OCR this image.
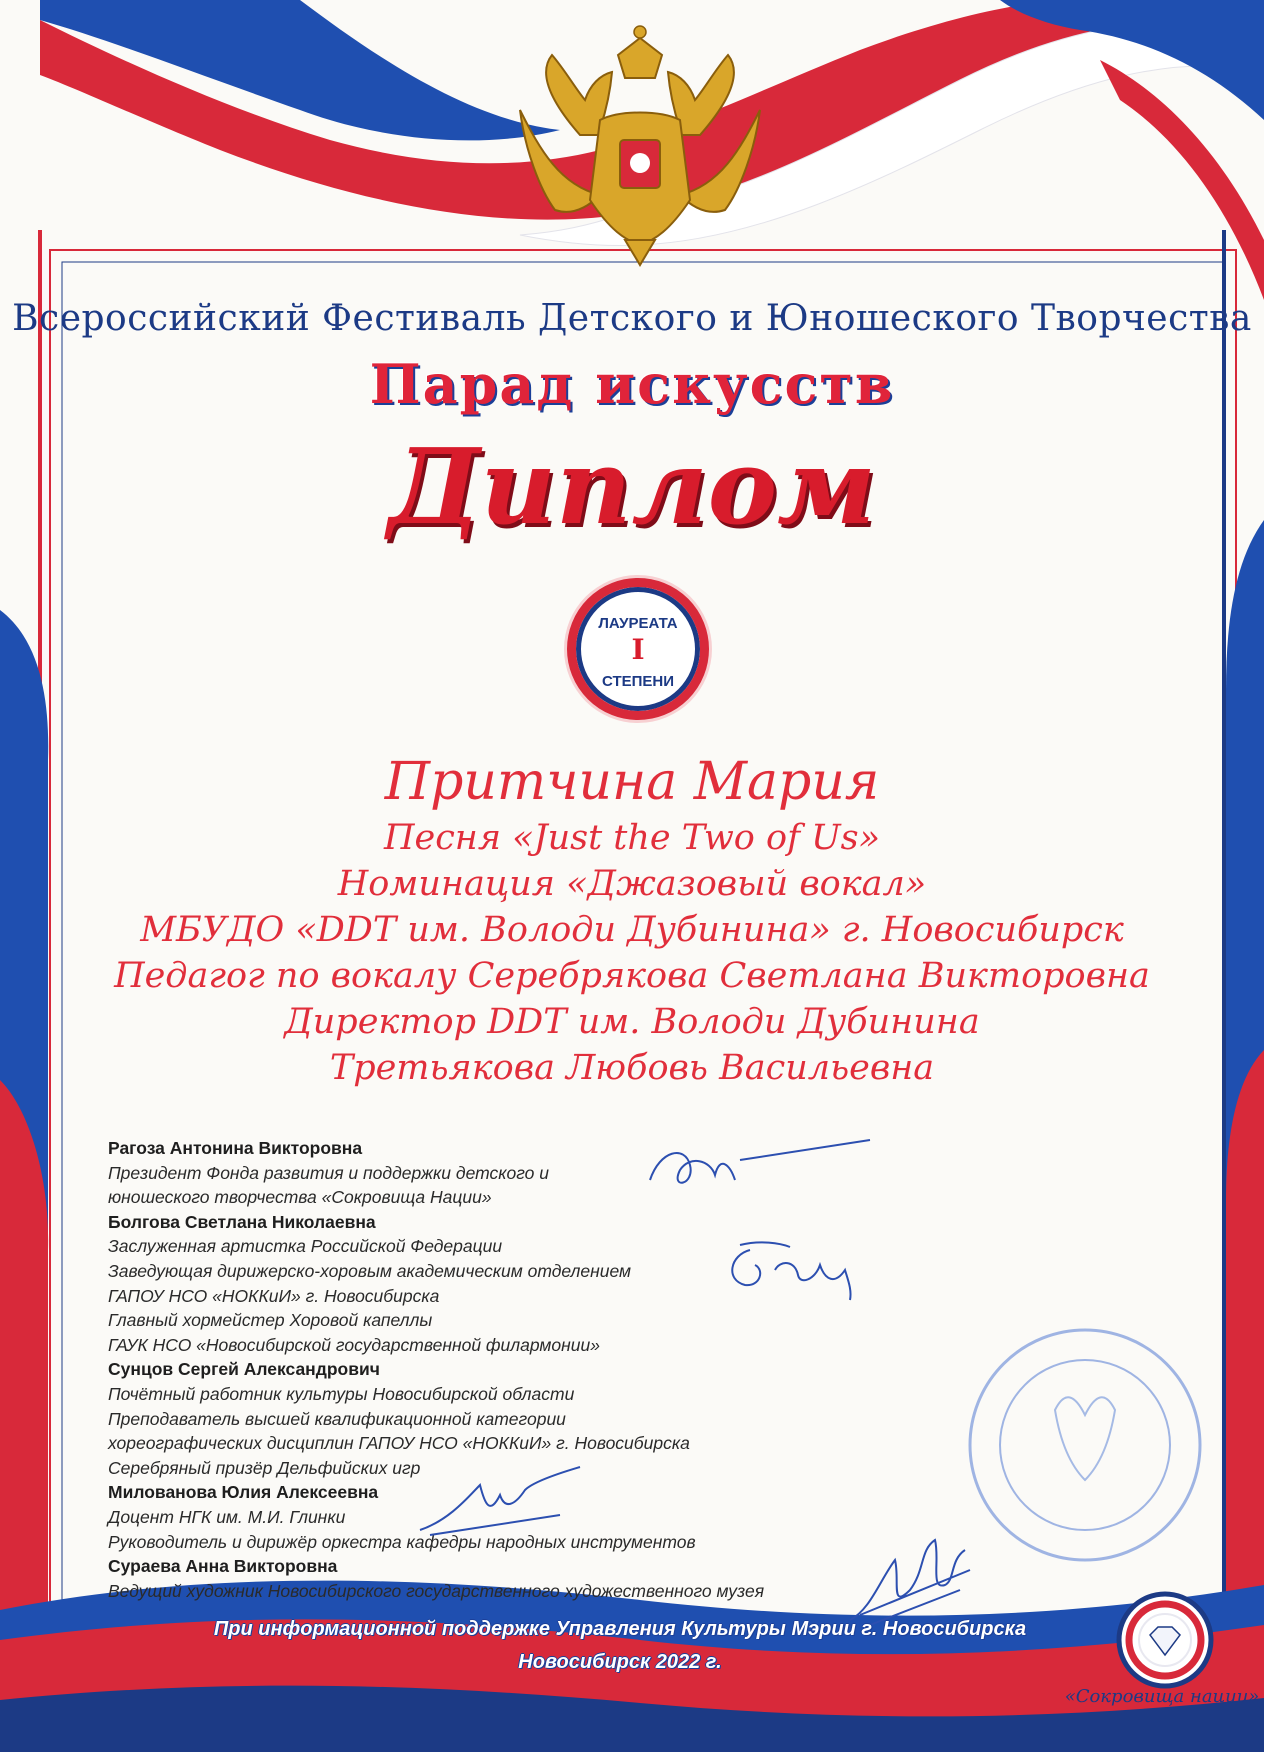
Всероссийский Фестиваль Детского и Юношеского Творчества
Парад искусств
Диплом
ЛАУРЕАТА
I
СТЕПЕНИ
Притчина Мария
Песня «Just the Two of Us»
Номинация «Джазовый вокал»
МБУДО «DDT им. Володи Дубинина» г. Новосибирск
Педагог по вокалу Серебрякова Светлана Викторовна
Директор DDT им. Володи Дубинина
Третьякова Любовь Васильевна
Рагоза Антонина Викторовна
Президент Фонда развития и поддержки детского и
юношеского творчества «Сокровища Нации»
Болгова Светлана Николаевна
Заслуженная артистка Российской Федерации
Заведующая дирижерско-хоровым академическим отделением
ГАПОУ НСО «НОККиИ» г. Новосибирска
Главный хормейстер Хоровой капеллы
ГАУК НСО «Новосибирской государственной филармонии»
Сунцов Сергей Александрович
Почётный работник культуры Новосибирской области
Преподаватель высшей квалификационной категории
хореографических дисциплин ГАПОУ НСО «НОККиИ» г. Новосибирска
Серебряный призёр Дельфийских игр
Милованова Юлия Алексеевна
Доцент НГК им. М.И. Глинки
Руководитель и дирижёр оркестра кафедры народных инструментов
Сураева Анна Викторовна
Ведущий художник Новосибирского государственного художественного музея
При информационной поддержке Управления Культуры Мэрии г. Новосибирска
Новосибирск 2022 г.
«Сокровища нации»
